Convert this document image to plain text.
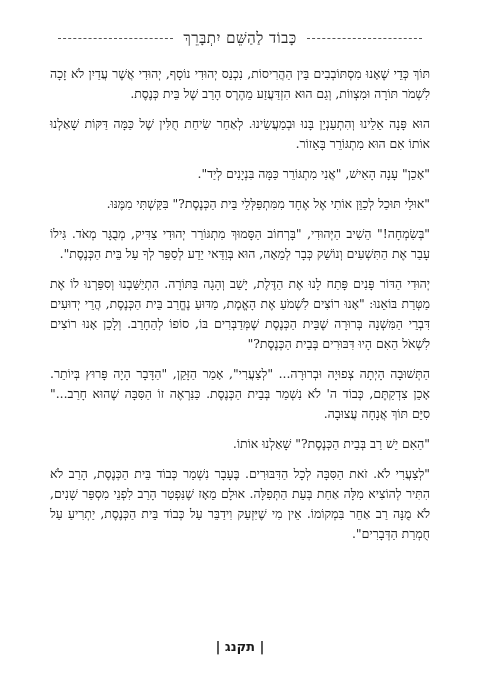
כָּבוֹד לַהַשֵּׁם יִתְבָּרֵךְ

תּוֹךְ כְּדֵי שֶׁאָנוּ מִסְתּוֹבְבִים בֵּין הַהֲרִיסוֹת, נִכְנַס יְהוּדִי נוֹסָף, יְהוּדִי אֲשֶׁר עֲדַיִן לֹא זָכָה לִשְׁמֹר תּוֹרָה וּמִצְווֹת, וְגַם הוּא הִזְדַּעֲזַע מֵהֶרֶס הָרַב שֶׁל בֵּית כְּנֶסֶת.

הוּא פָּנָה אֵלֵינוּ וְהִתְעַנְיֵן בָּנוּ וּבְמַעֲשֵׂינוּ. לְאַחַר שִׂיחַת חֻלִּין שֶׁל כַּמָּה דַּקּוֹת שָׁאַלְנוּ אוֹתוֹ אִם הוּא מִתְגּוֹרֵר בָּאֵזוֹר.

"אָכֵן" עָנָה הָאִישׁ, "אֲנִי מִתְגּוֹרֵר כַּמָּה בִּנְיָנִים לְיַד".

"אוּלַי תּוּכַל לְכַוֵּן אוֹתִי אֶל אֶחָד מִמִּתְפַּלְּלֵי בֵּית הַכְּנֶסֶת?" בִּקַּשְׁתִּי מִמֶּנּוּ.

"בְּשִׂמְחָה!" הֵשִׁיב הַיְּהוּדִי, "בָּרְחוֹב הַסָּמוּךְ מִתְגּוֹרֵר יְהוּדִי צַדִּיק, מְבֻגָּר מְאֹד. גִּילוֹ עָבַר אֶת הַתִּשְׁעִים וְנוֹשֵׁק כְּבָר לְמֵאָה, הוּא בְּוַדַּאי יֵדַע לְסַפֵּר לְךָ עַל בֵּית הַכְּנֶסֶת".

יְהוּדִי הַדּוֹר פָּנִים פָּתַח לָנוּ אֶת הַדֶּלֶת, יָשַׁב וְהָגָה בַּתּוֹרָה. הִתְיַשַּׁבְנוּ וְסִפַּרְנוּ לוֹ אֶת מַטְּרַת בּוֹאֵנוּ: "אָנוּ רוֹצִים לִשְׁמֹעַ אֶת הָאֱמֶת, מַדּוּעַ נֶחֱרַב בֵּית הַכְּנֶסֶת, הֲרֵי יְדוּעִים דִּבְרֵי הַמִּשְׁנָה בְּרוּרָה שֶׁבֵּית הַכְּנֶסֶת שֶׁמְּדַבְּרִים בּוֹ, סוֹפוֹ לְהֵחָרֵב. וְלָכֵן אָנוּ רוֹצִים לִשְׁאֹל הַאִם הָיוּ דִּבּוּרִים בְּבֵית הַכְּנֶסֶת?"

הַתְּשׁוּבָה הָיְתָה צְפוּיָה וּבְרוּרָה... "לְצַעֲרִי", אָמַר הַזָּקֵן, "הַדָּבָר הָיָה פָּרוּץ בְּיוֹתֵר. אָכֵן צִדְקַתֶּם, כְּבוֹד ה' לֹא נִשְׁמַר בְּבֵית הַכְּנֶסֶת. כַּנִּרְאֶה זוֹ הַסִּבָּה שֶׁהוּא חָרַב..." סִיֵּם תּוֹךְ אֲנָחָה עֲצוּבָה.

"הַאִם יֵשׁ רַב בְּבֵית הַכְּנֶסֶת?" שָׁאַלְנוּ אוֹתוֹ.

"לְצַעֲרִי לֹא. זֹאת הַסִּבָּה לְכָל הַדִּבּוּרִים. בֶּעָבָר נִשְׁמַר כְּבוֹד בֵּית הַכְּנֶסֶת, הָרַב לֹא הִתִּיר לְהוֹצִיא מִלָּה אַחַת בְּעֵת הַתְּפִלָּה. אוּלָם מֵאָז שֶׁנִּפְטַר הָרַב לִפְנֵי מִסְפַּר שָׁנִים, לֹא מֻנָּה רַב אַחֵר בִּמְקוֹמוֹ. אֵין מִי שֶׁיִּזְעַק וִידַבֵּר עַל כְּבוֹד בֵּית הַכְּנֶסֶת, יַתְרִיעַ עַל חֻמְרַת הַדְּבָרִים".

| תקנג |
